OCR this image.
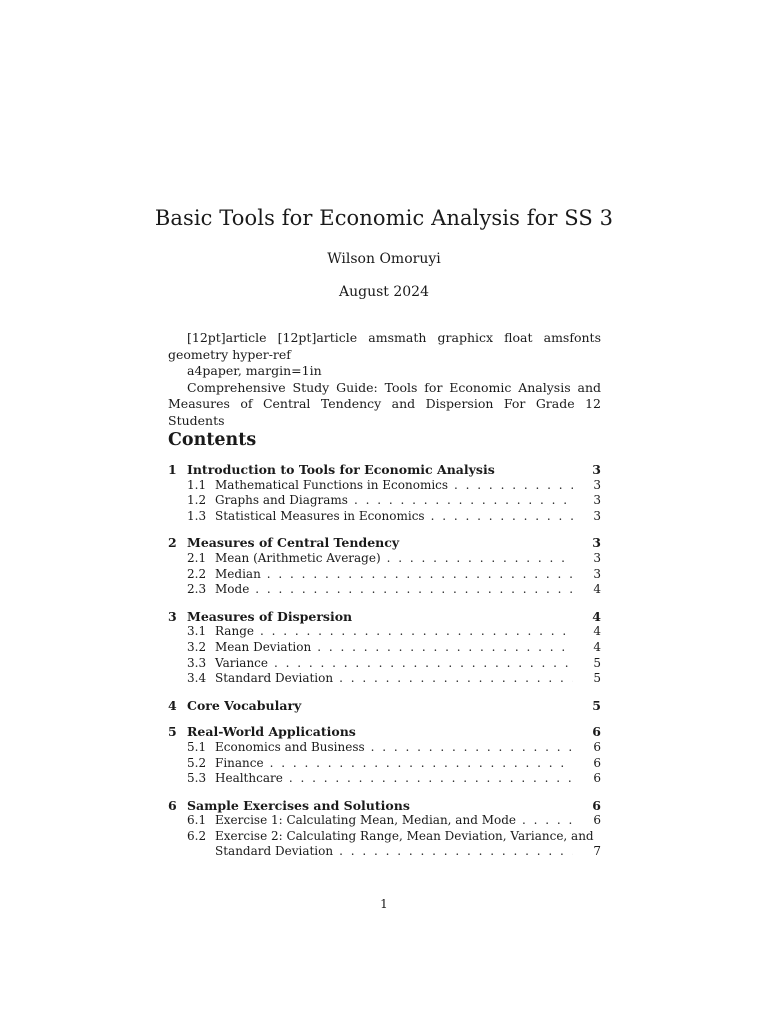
Basic Tools for Economic Analysis for SS 3
Wilson Omoruyi
August 2024

[12pt]article [12pt]article amsmath graphicx float amsfonts geometry hyper-ref

a4paper, margin=1in

Comprehensive Study Guide: Tools for Economic Analysis and Measures of Central Tendency and Dispersion For Grade 12 Students

Contents
1 Introduction to Tools for Economic Analysis	3
1.1 Mathematical Functions in Economics . . .	3
1.2 Graphs and Diagrams . . .	3
1.3 Statistical Measures in Economics . . .	3
2 Measures of Central Tendency	3
2.1 Mean (Arithmetic Average) . . .	3
2.2 Median . . .	3
2.3 Mode . . .	4
3 Measures of Dispersion	4
3.1 Range . . .	4
3.2 Mean Deviation . . .	4
3.3 Variance . . .	5
3.4 Standard Deviation . . .	5
4 Core Vocabulary	5
5 Real-World Applications	6
5.1 Economics and Business . . .	6
5.2 Finance . . .	6
5.3 Healthcare . . .	6
6 Sample Exercises and Solutions	6
6.1 Exercise 1: Calculating Mean, Median, and Mode . . .	6
6.2 Exercise 2: Calculating Range, Mean Deviation, Variance, and
Standard Deviation . . .	7
1
